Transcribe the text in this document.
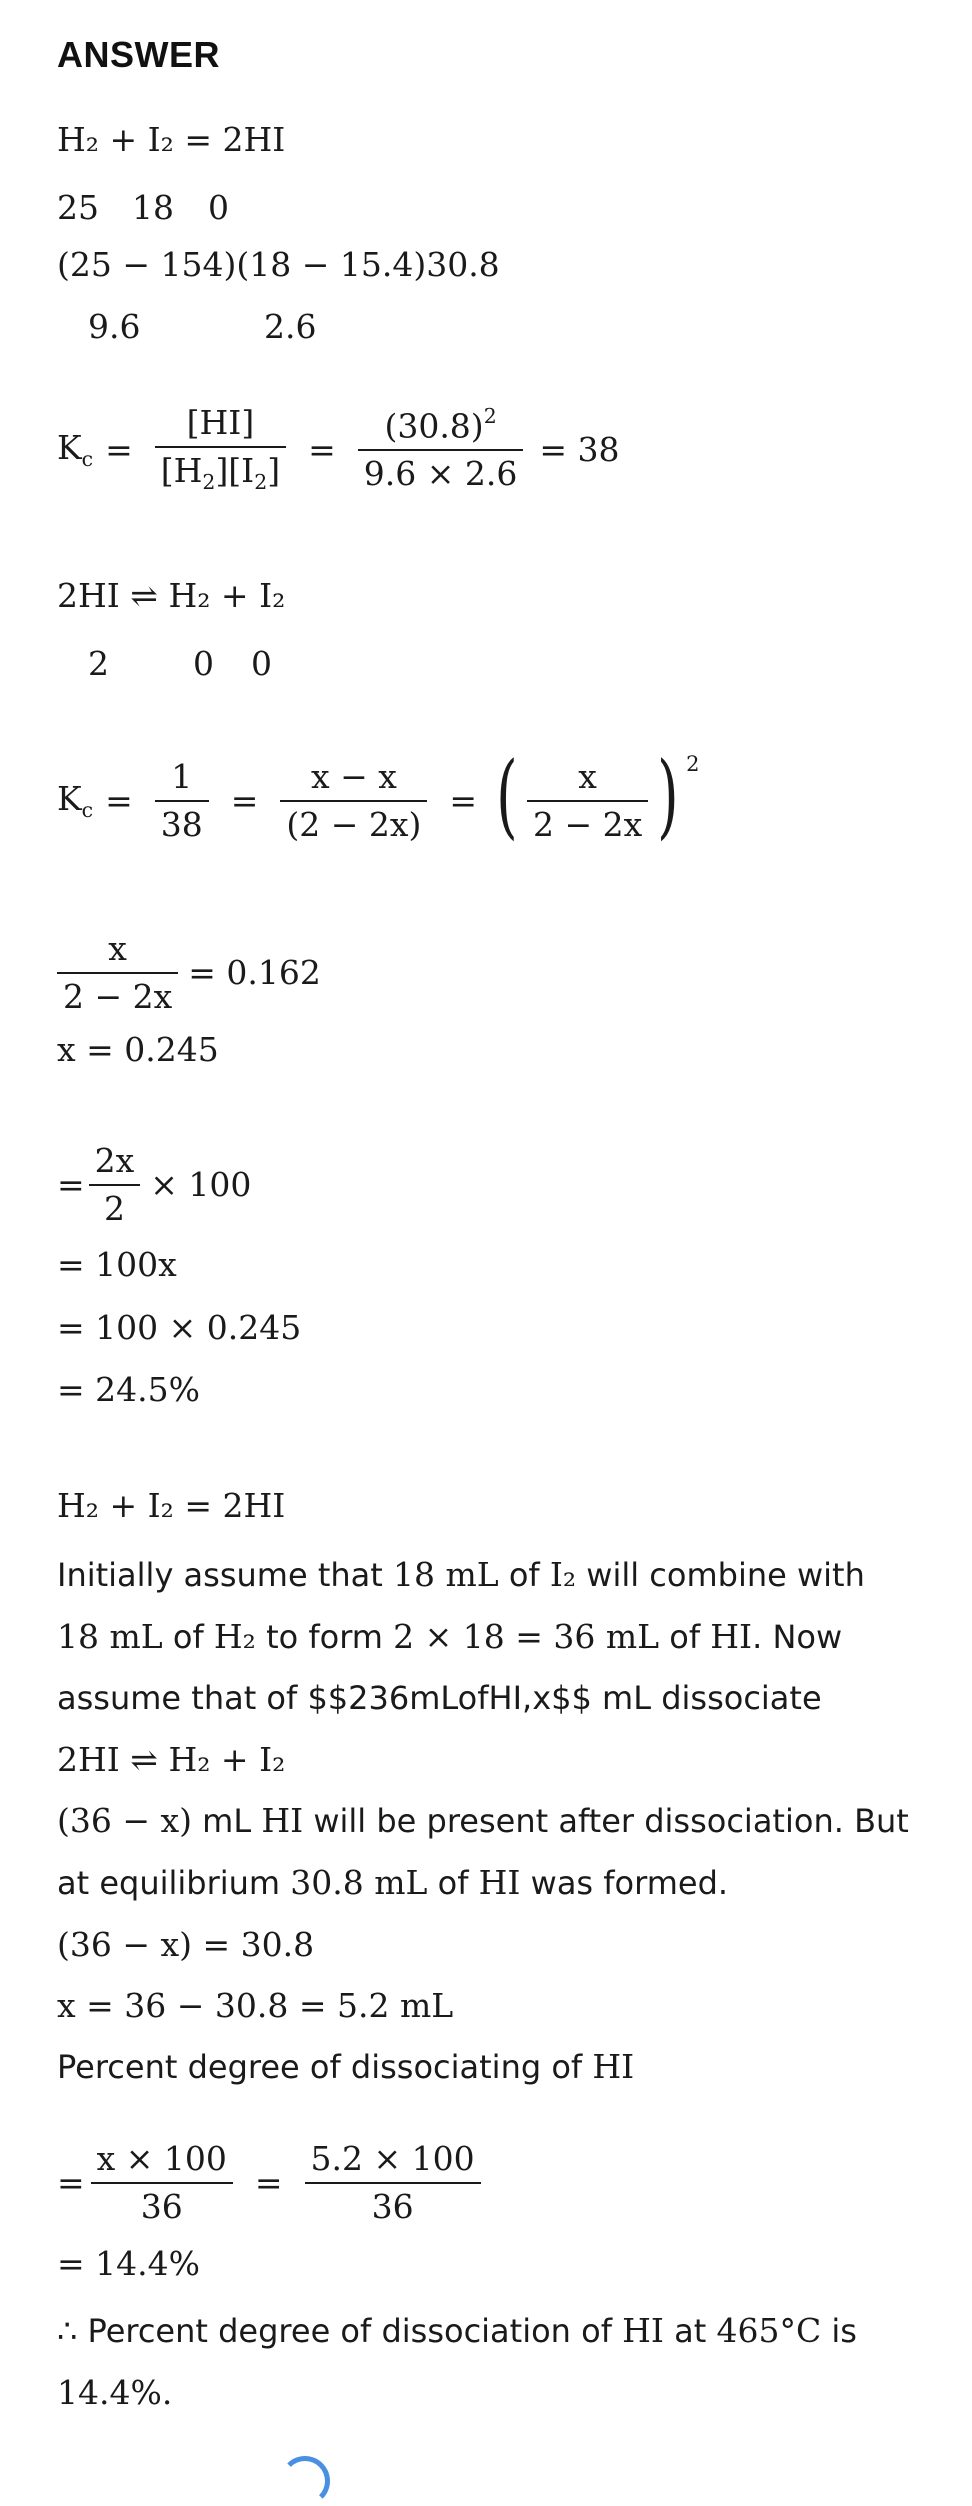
ANSWER
H₂ + I₂ = 2HI
25 18 0
(25 − 154)(18 − 15.4)30.8
9.6	2.6
$K_c = \frac{[HI]}{[H_2][I_2]} = \frac{(30.8)^2}{9.6 \times 2.6} = 38$
2HI ⇌ H₂ + I₂
2	0 0
$K_c = \frac{1}{38} = \frac{x - x}{(2 - 2x)}$ = ( $\frac{x}{2 - 2x}$ ) 2
$\frac{x}{2 - 2x} = 0.162$
x = 0.245
= $\frac{2x}{2} \times 100$
= 100x
= 100 × 0.245
= 24.5%
H₂ + I₂ = 2HI
Initially assume that 18 mL of I₂ will combine with
18 mL of H₂ to form 2 × 18 = 36 mL of HI. Now
assume that of $$236mLofHI,x$$ mL dissociate
2HI ⇌ H₂ + I₂
(36 − x) mL HI will be present after dissociation. But
at equilibrium 30.8 mL of HI was formed.
(36 − x) = 30.8
x = 36 − 30.8 = 5.2 mL
Percent degree of dissociating of HI
= $\frac{x \times 100}{36} = \frac{5.2 \times 100}{36}$
= 14.4%
∴ Percent degree of dissociation of HI at 465°C is
14.4%.
